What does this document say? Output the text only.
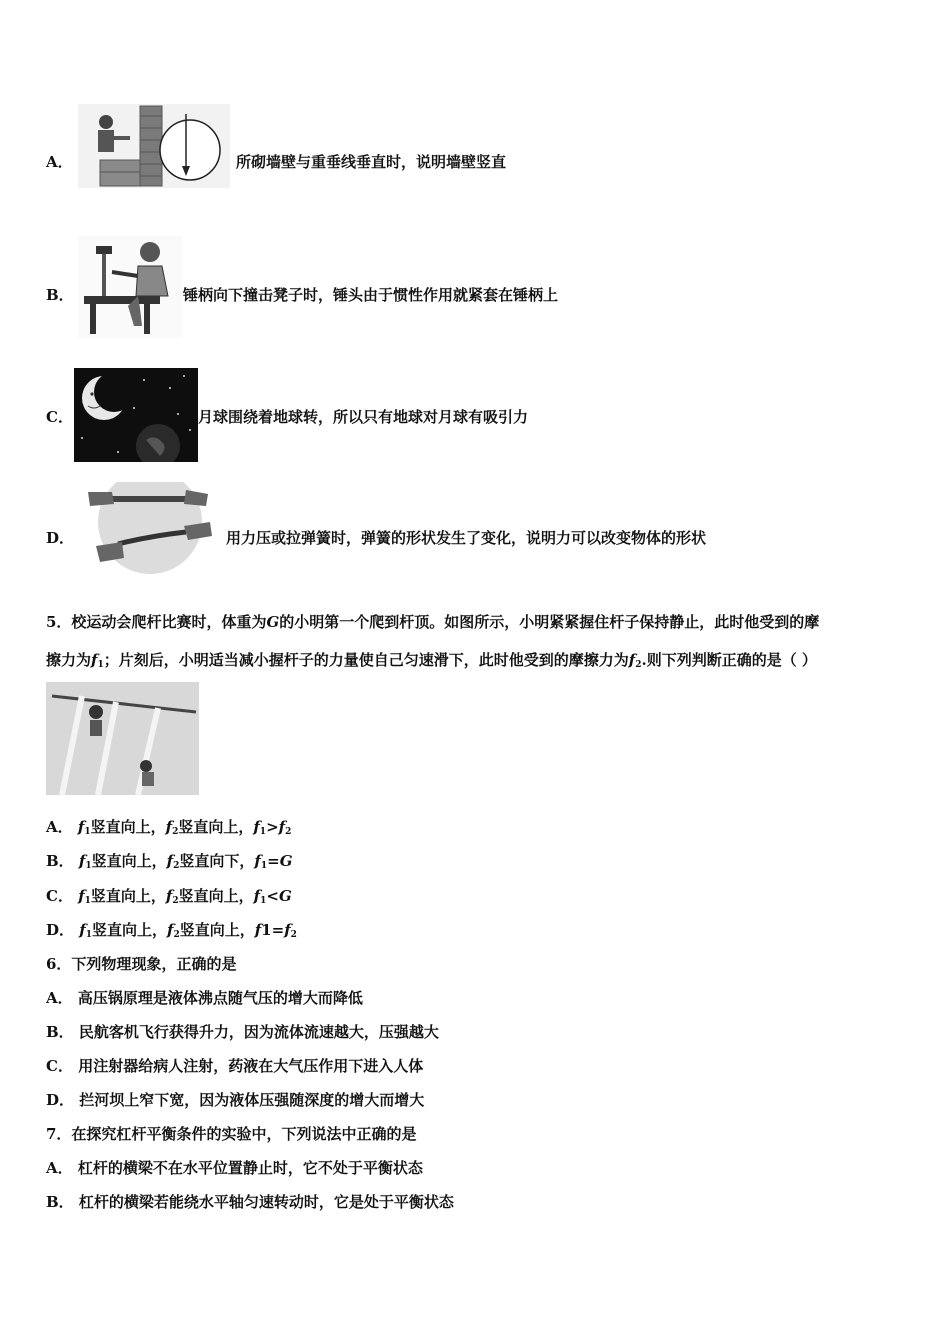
A．	所砌墙壁与重垂线垂直时，说明墙壁竖直
B．	锤柄向下撞击凳子时，锤头由于惯性作用就紧套在锤柄上
C．	月球围绕着地球转，所以只有地球对月球有吸引力
D．	用力压或拉弹簧时，弹簧的形状发生了变化，说明力可以改变物体的形状
5．校运动会爬杆比赛时，体重为G的小明第一个爬到杆顶。如图所示，小明紧紧握住杆子保持静止，此时他受到的摩
擦力为$f_1$；片刻后，小明适当减小握杆子的力量使自己匀速滑下，此时他受到的摩擦力为$f_2$.则下列判断正确的是（ ）
A． $f_1$竖直向上，$f_2$竖直向上，$f_1>f_2$
B． $f_1$竖直向上，$f_2$竖直向下，$f_1=G$
C． $f_1$竖直向上，$f_2$竖直向上，$f_1<G$
D． $f_1$竖直向上，$f_2$竖直向上，$f1=f_2$
6．下列物理现象，正确的是
A． 高压锅原理是液体沸点随气压的增大而降低
B． 民航客机飞行获得升力，因为流体流速越大，压强越大
C． 用注射器给病人注射，药液在大气压作用下进入人体
D． 拦河坝上窄下宽，因为液体压强随深度的增大而增大
7．在探究杠杆平衡条件的实验中，下列说法中正确的是
A． 杠杆的横梁不在水平位置静止时，它不处于平衡状态
B． 杠杆的横梁若能绕水平轴匀速转动时，它是处于平衡状态
